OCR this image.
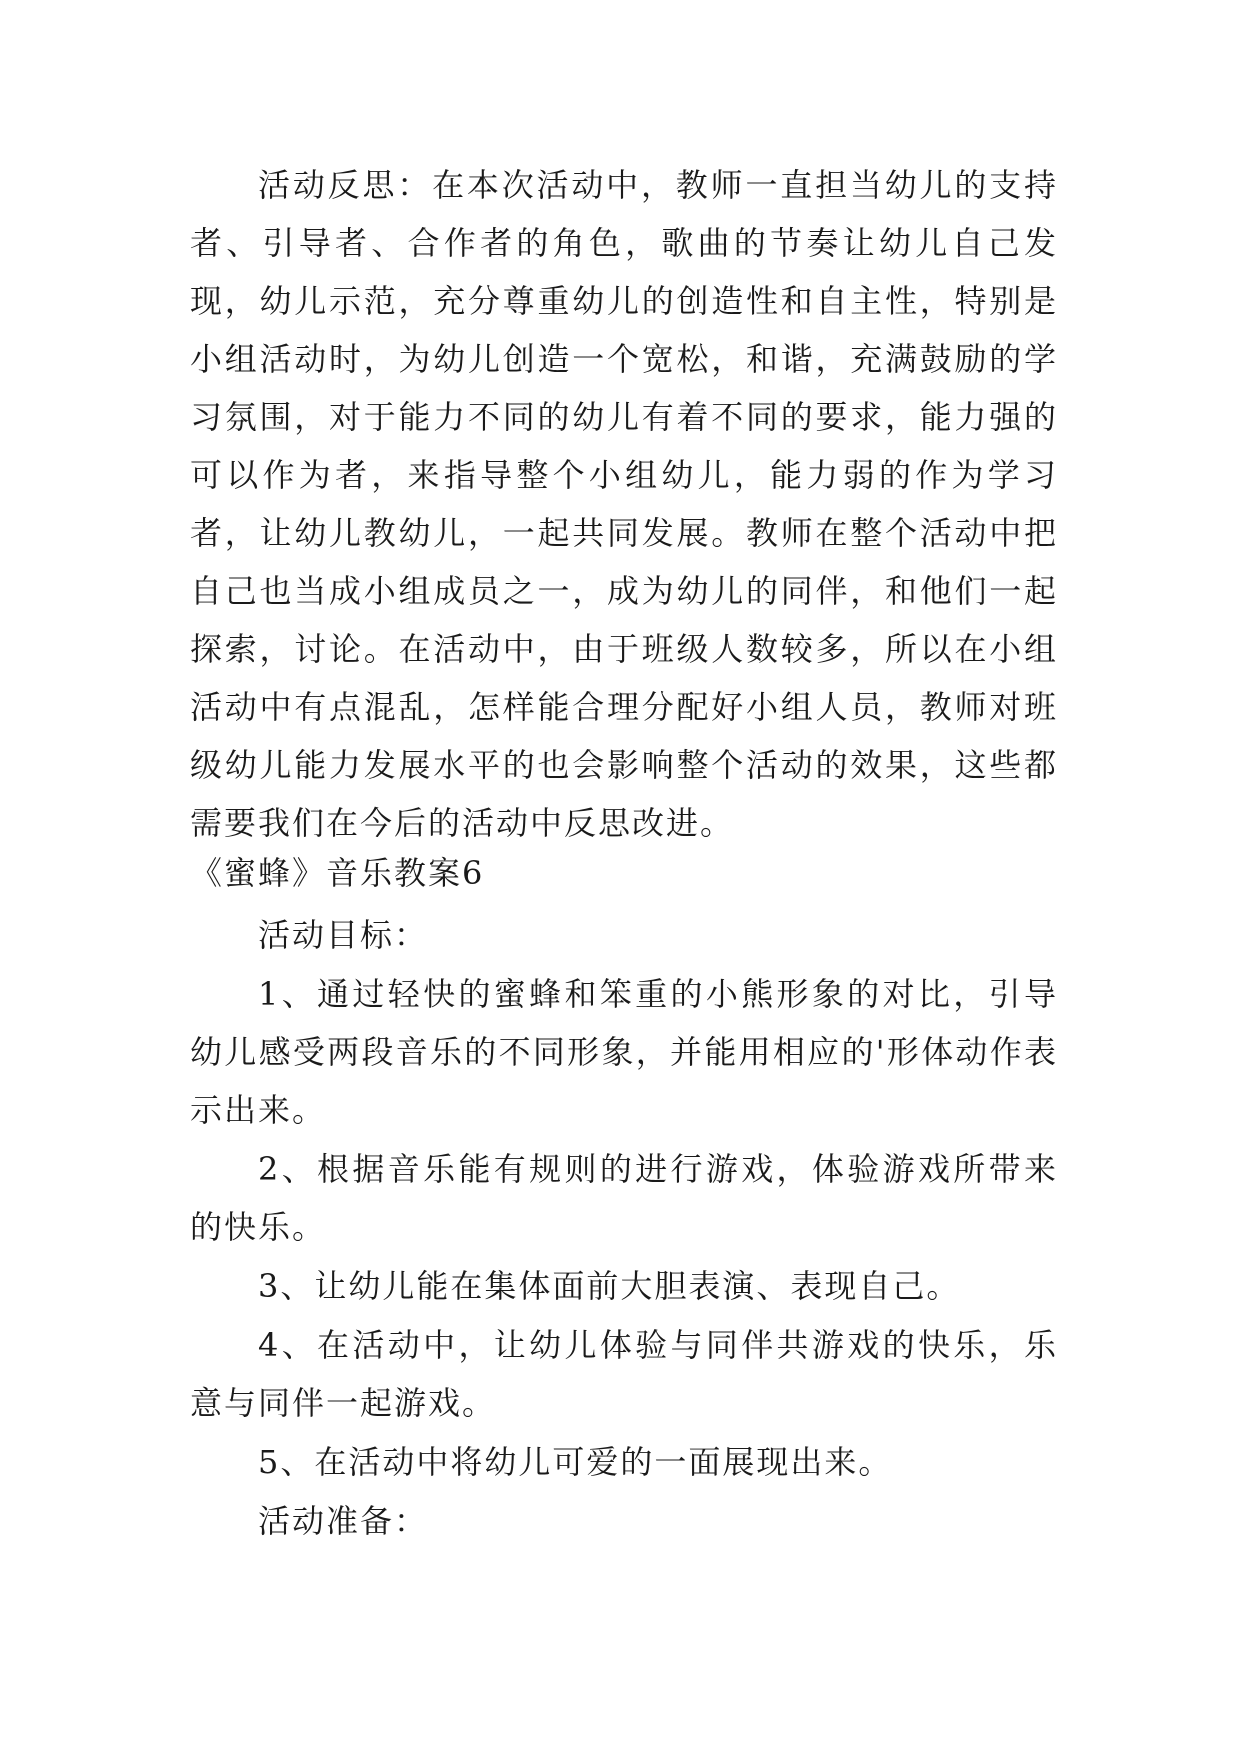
活动反思：在本次活动中，教师一直担当幼儿的支持者、引导者、合作者的角色，歌曲的节奏让幼儿自己发现，幼儿示范，充分尊重幼儿的创造性和自主性，特别是小组活动时，为幼儿创造一个宽松，和谐，充满鼓励的学习氛围，对于能力不同的幼儿有着不同的要求，能力强的可以作为者，来指导整个小组幼儿，能力弱的作为学习者，让幼儿教幼儿，一起共同发展。教师在整个活动中把自己也当成小组成员之一，成为幼儿的同伴，和他们一起探索，讨论。在活动中，由于班级人数较多，所以在小组活动中有点混乱，怎样能合理分配好小组人员，教师对班级幼儿能力发展水平的也会影响整个活动的效果，这些都需要我们在今后的活动中反思改进。

《蜜蜂》音乐教案6

活动目标：

1、通过轻快的蜜蜂和笨重的小熊形象的对比，引导幼儿感受两段音乐的不同形象，并能用相应的'形体动作表示出来。

2、根据音乐能有规则的进行游戏，体验游戏所带来的快乐。

3、让幼儿能在集体面前大胆表演、表现自己。

4、在活动中，让幼儿体验与同伴共游戏的快乐，乐意与同伴一起游戏。

5、在活动中将幼儿可爱的一面展现出来。

活动准备：
